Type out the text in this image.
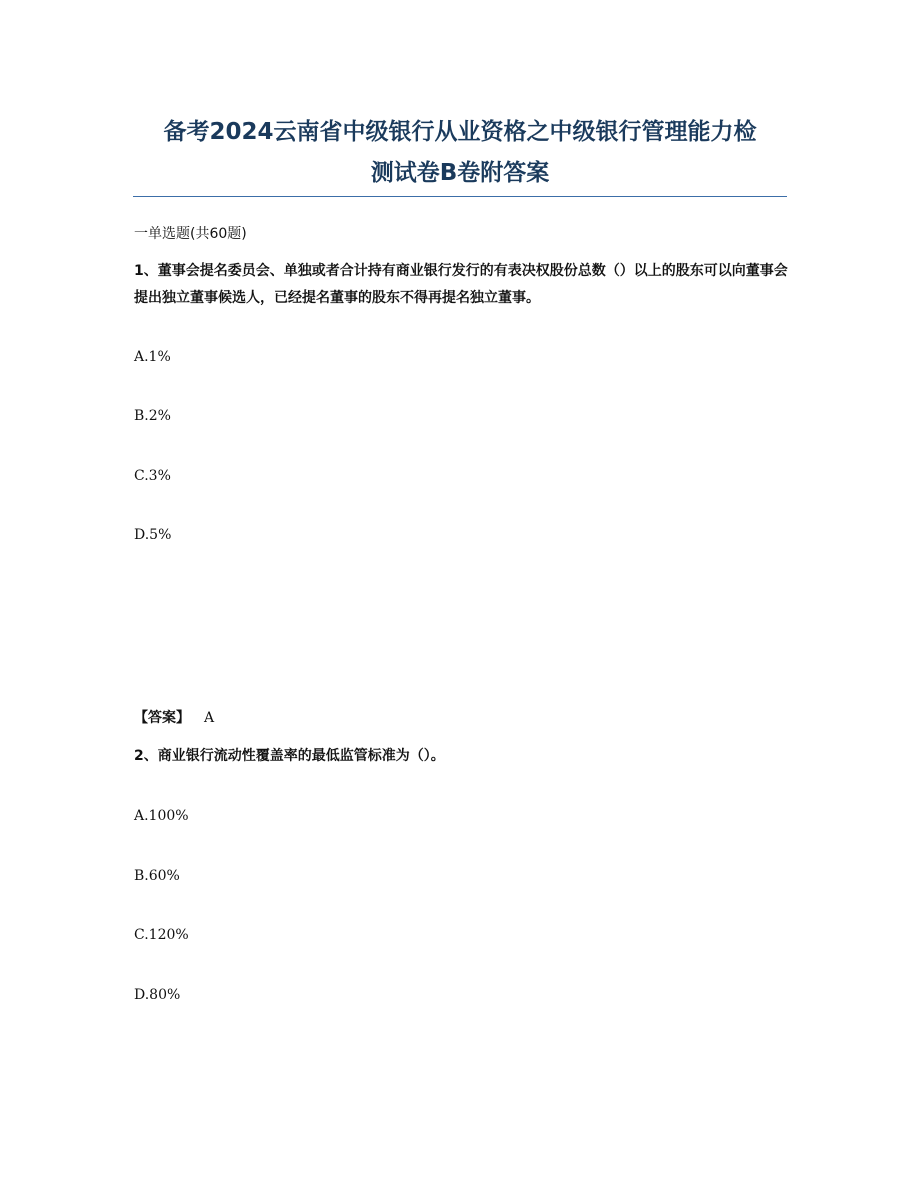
备考2024云南省中级银行从业资格之中级银行管理能力检
测试卷B卷附答案
一单选题(共60题)
1、董事会提名委员会、单独或者合计持有商业银行发行的有表决权股份总数（）以上的股东可以向董事会提出独立董事候选人，已经提名董事的股东不得再提名独立董事。
A.1%
B.2%
C.3%
D.5%
【答案】 A
2、商业银行流动性覆盖率的最低监管标准为（）。
A.100%
B.60%
C.120%
D.80%
